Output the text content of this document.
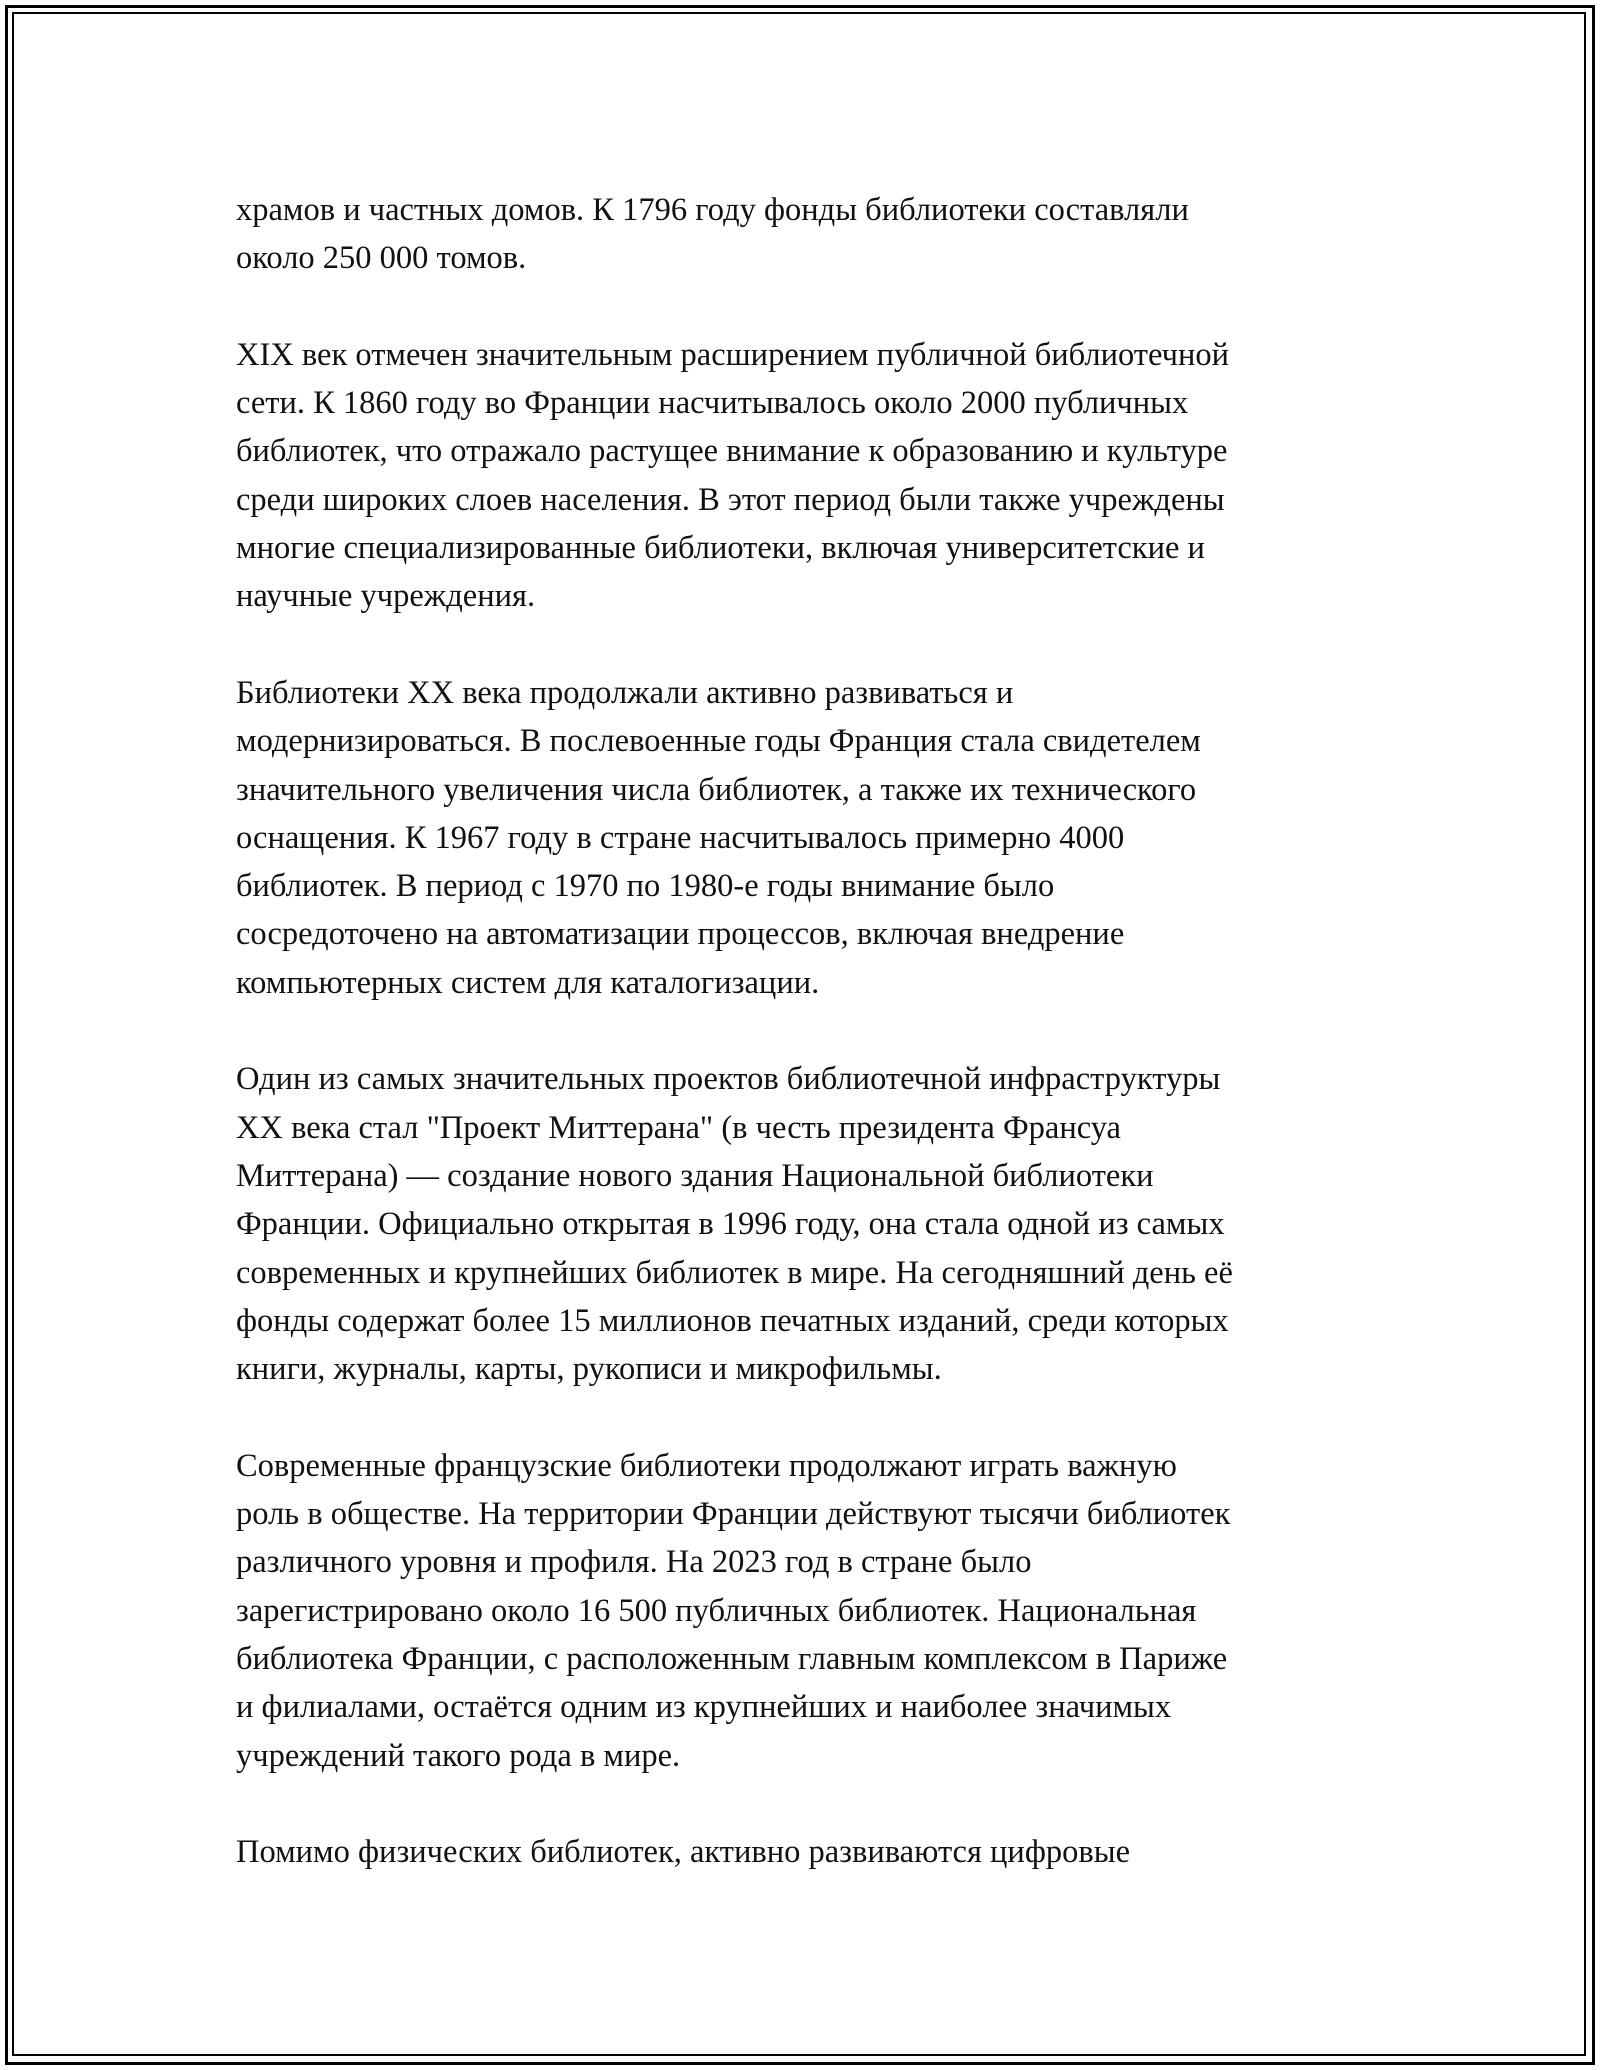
храмов и частных домов. К 1796 году фонды библиотеки составляли
около 250 000 томов.

XIX век отмечен значительным расширением публичной библиотечной
сети. К 1860 году во Франции насчитывалось около 2000 публичных
библиотек, что отражало растущее внимание к образованию и культуре
среди широких слоев населения. В этот период были также учреждены
многие специализированные библиотеки, включая университетские и
научные учреждения.

Библиотеки XX века продолжали активно развиваться и
модернизироваться. В послевоенные годы Франция стала свидетелем
значительного увеличения числа библиотек, а также их технического
оснащения. К 1967 году в стране насчитывалось примерно 4000
библиотек. В период с 1970 по 1980-е годы внимание было
сосредоточено на автоматизации процессов, включая внедрение
компьютерных систем для каталогизации.

Один из самых значительных проектов библиотечной инфраструктуры
XX века стал "Проект Миттерана" (в честь президента Франсуа
Миттерана) — создание нового здания Национальной библиотеки
Франции. Официально открытая в 1996 году, она стала одной из самых
современных и крупнейших библиотек в мире. На сегодняшний день её
фонды содержат более 15 миллионов печатных изданий, среди которых
книги, журналы, карты, рукописи и микрофильмы.

Современные французские библиотеки продолжают играть важную
роль в обществе. На территории Франции действуют тысячи библиотек
различного уровня и профиля. На 2023 год в стране было
зарегистрировано около 16 500 публичных библиотек. Национальная
библиотека Франции, с расположенным главным комплексом в Париже
и филиалами, остаётся одним из крупнейших и наиболее значимых
учреждений такого рода в мире.

Помимо физических библиотек, активно развиваются цифровые
